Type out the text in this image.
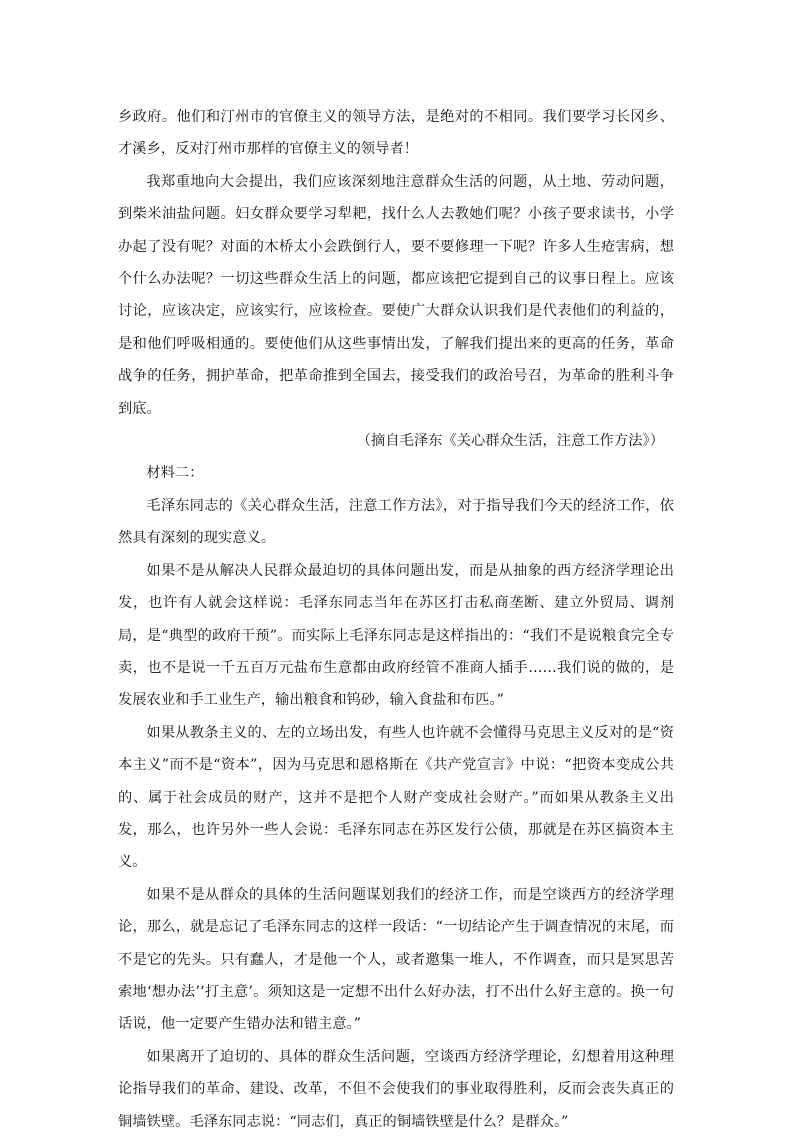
乡政府。他们和汀州市的官僚主义的领导方法，是绝对的不相同。我们要学习长冈乡、才溪乡，反对汀州市那样的官僚主义的领导者！

我郑重地向大会提出，我们应该深刻地注意群众生活的问题，从土地、劳动问题，到柴米油盐问题。妇女群众要学习犁耙，找什么人去教她们呢？小孩子要求读书，小学办起了没有呢？对面的木桥太小会跌倒行人，要不要修理一下呢？许多人生疮害病，想个什么办法呢？一切这些群众生活上的问题，都应该把它提到自己的议事日程上。应该讨论，应该决定，应该实行，应该检查。要使广大群众认识我们是代表他们的利益的，是和他们呼吸相通的。要使他们从这些事情出发，了解我们提出来的更高的任务，革命战争的任务，拥护革命，把革命推到全国去，接受我们的政治号召，为革命的胜利斗争到底。

（摘自毛泽东《关心群众生活，注意工作方法》）

材料二：

毛泽东同志的《关心群众生活，注意工作方法》，对于指导我们今天的经济工作，依然具有深刻的现实意义。

如果不是从解决人民群众最迫切的具体问题出发，而是从抽象的西方经济学理论出发，也许有人就会这样说：毛泽东同志当年在苏区打击私商垄断、建立外贸局、调剂局，是“典型的政府干预”。而实际上毛泽东同志是这样指出的：“我们不是说粮食完全专卖，也不是说一千五百万元盐布生意都由政府经管不准商人插手……我们说的做的，是发展农业和手工业生产，输出粮食和钨砂，输入食盐和布匹。”

如果从教条主义的、左的立场出发，有些人也许就不会懂得马克思主义反对的是“资本主义”而不是“资本”，因为马克思和恩格斯在《共产党宣言》中说：“把资本变成公共的、属于社会成员的财产，这并不是把个人财产变成社会财产。”而如果从教条主义出发，那么，也许另外一些人会说：毛泽东同志在苏区发行公债，那就是在苏区搞资本主义。

如果不是从群众的具体的生活问题谋划我们的经济工作，而是空谈西方的经济学理论，那么，就是忘记了毛泽东同志的这样一段话：“一切结论产生于调查情况的末尾，而不是它的先头。只有蠢人，才是他一个人，或者邀集一堆人，不作调查，而只是冥思苦索地‘想办法’‘打主意’。须知这是一定想不出什么好办法，打不出什么好主意的。换一句话说，他一定要产生错办法和错主意。”

如果离开了迫切的、具体的群众生活问题，空谈西方经济学理论，幻想着用这种理论指导我们的革命、建设、改革，不但不会使我们的事业取得胜利，反而会丧失真正的铜墙铁壁。毛泽东同志说：“同志们，真正的铜墙铁壁是什么？是群众。”
